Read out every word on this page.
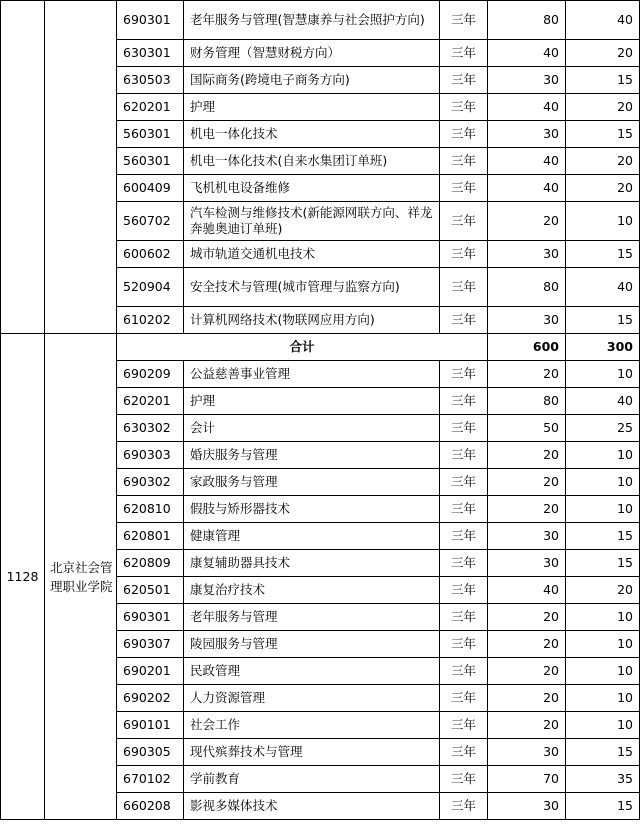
		690301	老年服务与管理(智慧康养与社会照护方向)	三年	80	40
		630301	财务管理（智慧财税方向）	三年	40	20
		630503	国际商务(跨境电子商务方向)	三年	30	15
		620201	护理	三年	40	20
		560301	机电一体化技术	三年	30	15
		560301	机电一体化技术(自来水集团订单班)	三年	40	20
		600409	飞机机电设备维修	三年	40	20
		560702	汽车检测与维修技术(新能源网联方向、祥龙奔驰奥迪订单班)	三年	20	10
		600602	城市轨道交通机电技术	三年	30	15
		520904	安全技术与管理(城市管理与监察方向)	三年	80	40
		610202	计算机网络技术(物联网应用方向)	三年	30	15
1128	北京社会管理职业学院	合计			600	300
		690209	公益慈善事业管理	三年	20	10
		620201	护理	三年	80	40
		630302	会计	三年	50	25
		690303	婚庆服务与管理	三年	20	10
		690302	家政服务与管理	三年	20	10
		620810	假肢与矫形器技术	三年	20	10
		620801	健康管理	三年	30	15
		620809	康复辅助器具技术	三年	30	15
		620501	康复治疗技术	三年	40	20
		690301	老年服务与管理	三年	20	10
		690307	陵园服务与管理	三年	20	10
		690201	民政管理	三年	20	10
		690202	人力资源管理	三年	20	10
		690101	社会工作	三年	20	10
		690305	现代殡葬技术与管理	三年	30	15
		670102	学前教育	三年	70	35
		660208	影视多媒体技术	三年	30	15
